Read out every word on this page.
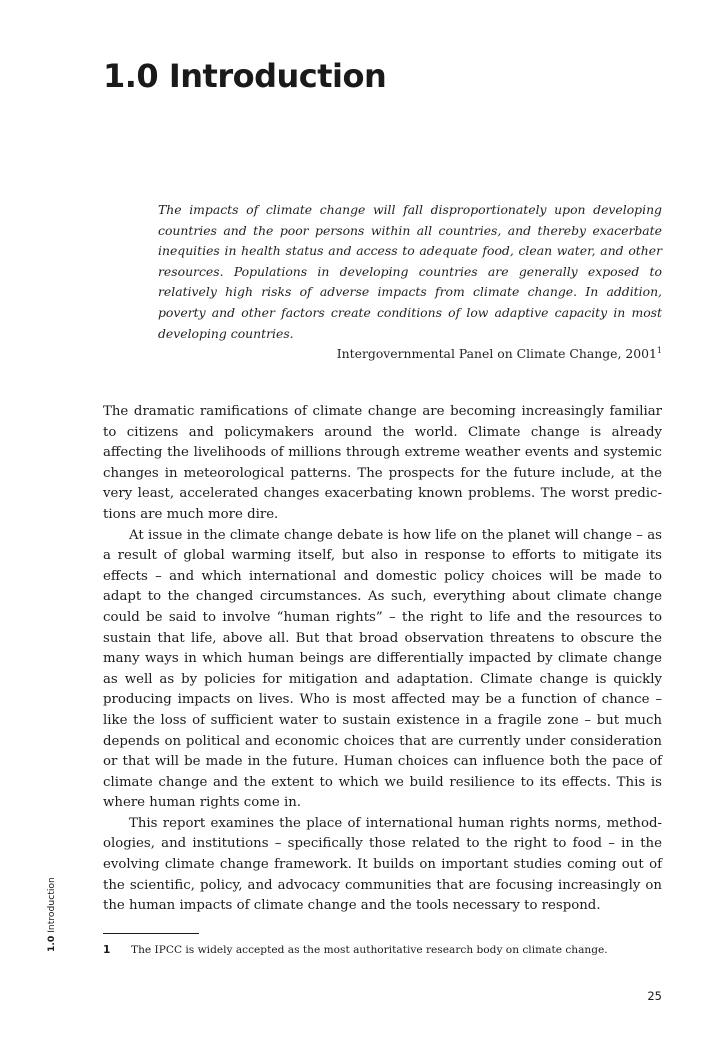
1.0 Introduction
The impacts of climate change will fall disproportionately upon developing countries and the poor persons within all countries, and thereby exacerbate inequities in health status and access to adequate food, clean water, and other resources. Populations in developing countries are generally exposed to relatively high risks of adverse impacts from climate change. In addition, poverty and other factors create conditions of low adaptive capacity in most developing countries.

Intergovernmental Panel on Climate Change, 2001$^1$

The dramatic ramifications of climate change are becoming increasingly familiar to citizens and policymakers around the world. Climate change is already affecting the livelihoods of millions through extreme weather events and systemic changes in meteorological patterns. The prospects for the future include, at the very least, accelerated changes exacerbating known problems. The worst predictions are much more dire.

At issue in the climate change debate is how life on the planet will change – as a result of global warming itself, but also in response to efforts to mitigate its effects – and which international and domestic policy choices will be made to adapt to the changed circumstances. As such, everything about climate change could be said to involve “human rights” – the right to life and the resources to sustain that life, above all. But that broad observation threatens to obscure the many ways in which human beings are differentially impacted by climate change as well as by policies for mitigation and adaptation. Climate change is quickly producing impacts on lives. Who is most affected may be a function of chance – like the loss of sufficient water to sustain existence in a fragile zone – but much depends on political and economic choices that are currently under consideration or that will be made in the future. Human choices can influence both the pace of climate change and the extent to which we build resilience to its effects. This is where human rights come in.

This report examines the place of international human rights norms, methodologies, and institutions – specifically those related to the right to food – in the evolving climate change framework. It builds on important studies coming out of the scientific, policy, and advocacy communities that are focusing increasingly on the human impacts of climate change and the tools necessary to respond.

1 The IPCC is widely accepted as the most authoritative research body on climate change.
25
1.0 Introduction
